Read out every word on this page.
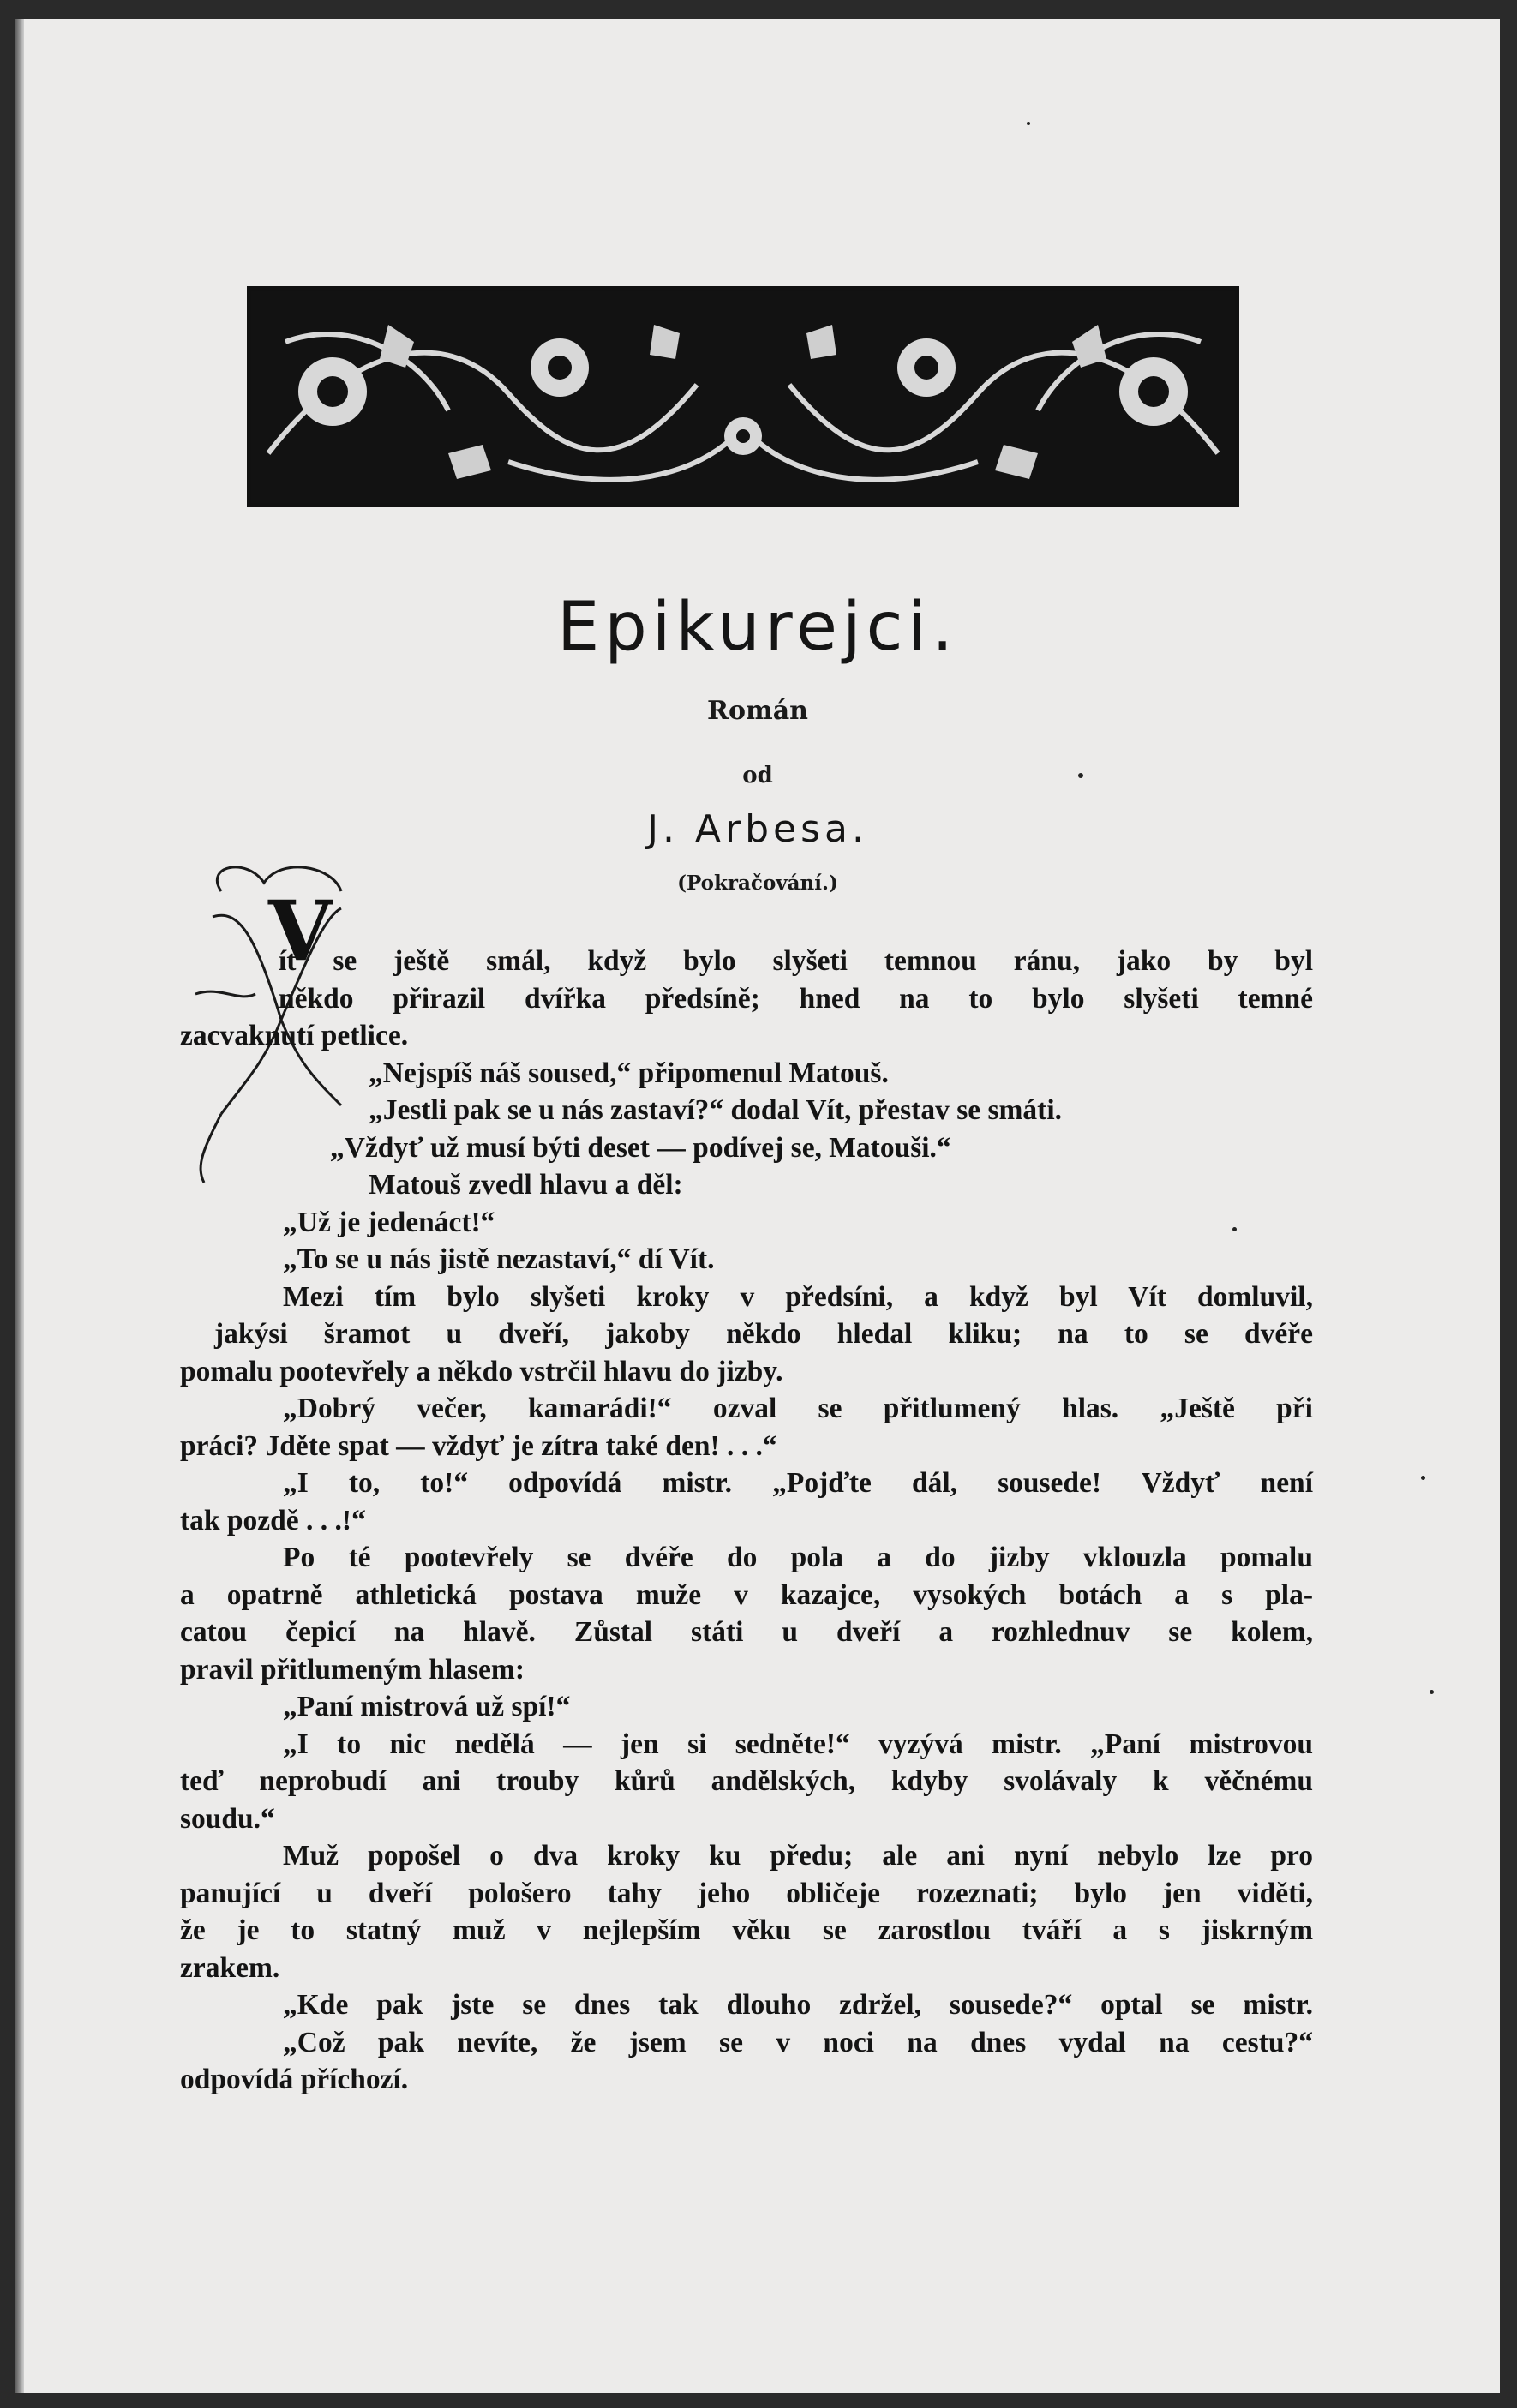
Epikurejci.
Román
od
J. Arbesa.
(Pokračování.)
V
ít se ještě smál, když bylo slyšeti temnou ránu, jako by byl
někdo přirazil dvířka předsíně; hned na to bylo slyšeti temné
zacvaknutí petlice.
„Nejspíš náš soused,“ připomenul Matouš.
„Jestli pak se u nás zastaví?“ dodal Vít, přestav se smáti.
„Vždyť už musí býti deset — podívej se, Matouši.“
Matouš zvedl hlavu a děl:
„Už je jedenáct!“
„To se u nás jistě nezastaví,“ dí Vít.
Mezi tím bylo slyšeti kroky v předsíni, a když byl Vít domluvil,
jakýsi šramot u dveří, jakoby někdo hledal kliku; na to se dvéře
pomalu pootevřely a někdo vstrčil hlavu do jizby.
„Dobrý večer, kamarádi!“ ozval se přitlumený hlas. „Ještě při
práci? Jděte spat — vždyť je zítra také den! . . .“
„I to, to!“ odpovídá mistr. „Pojďte dál, sousede! Vždyť není
tak pozdě . . .!“
Po té pootevřely se dvéře do pola a do jizby vklouzla pomalu
a opatrně athletická postava muže v kazajce, vysokých botách a s pla-
catou čepicí na hlavě. Zůstal státi u dveří a rozhlednuv se kolem,
pravil přitlumeným hlasem:
„Paní mistrová už spí!“
„I to nic nedělá — jen si sedněte!“ vyzývá mistr. „Paní mistrovou
teď neprobudí ani trouby kůrů andělských, kdyby svolávaly k věčnému
soudu.“
Muž popošel o dva kroky ku předu; ale ani nyní nebylo lze pro
panující u dveří pološero tahy jeho obličeje rozeznati; bylo jen viděti,
že je to statný muž v nejlepším věku se zarostlou tváří a s jiskrným
zrakem.
„Kde pak jste se dnes tak dlouho zdržel, sousede?“ optal se mistr.
„Což pak nevíte, že jsem se v noci na dnes vydal na cestu?“
odpovídá příchozí.
